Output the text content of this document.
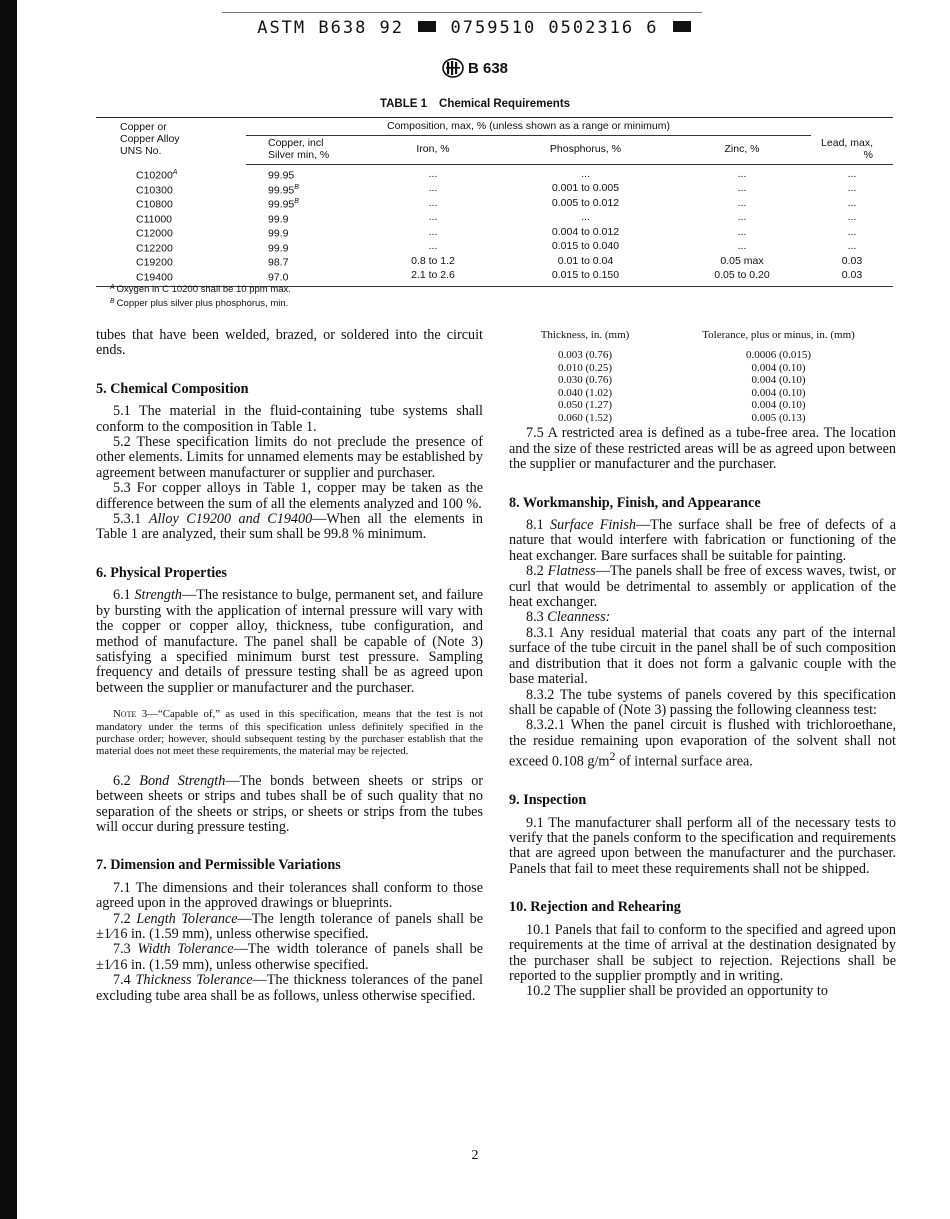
ASTM B638 92	0759510 0502316 6
B 638
TABLE 1 Chemical Requirements
Copper or
Copper Alloy
UNS No.	Composition, max, % (unless shown as a range or minimum)				
	Copper, incl
Silver min, %	Iron, %	Phosphorus, %	Zinc, %	Lead, max, %
C10200$^A$	99.95	...	...	...	...
C10300	99.95$^B$	...	0.001 to 0.005	...	...
C10800	99.95$^B$	...	0.005 to 0.012	...	...
C11000	99.9	...	...	...	...
C12000	99.9	...	0.004 to 0.012	...	...
C12200	99.9	...	0.015 to 0.040	...	...
C19200	98.7	0.8 to 1.2	0.01 to 0.04	0.05 max	0.03
C19400	97.0	2.1 to 2.6	0.015 to 0.150	0.05 to 0.20	0.03
$^A$ Oxygen in C 10200 shall be 10 ppm max.
$^B$ Copper plus silver plus phosphorus, min.

tubes that have been welded, brazed, or soldered into the circuit ends.

5. Chemical Composition

5.1 The material in the fluid-containing tube systems shall conform to the composition in Table 1.

5.2 These specification limits do not preclude the presence of other elements. Limits for unnamed elements may be established by agreement between manufacturer or supplier and purchaser.

5.3 For copper alloys in Table 1, copper may be taken as the difference between the sum of all the elements analyzed and 100 %.

5.3.1 Alloy C19200 and C19400—When all the elements in Table 1 are analyzed, their sum shall be 99.8 % minimum.

6. Physical Properties

6.1 Strength—The resistance to bulge, permanent set, and failure by bursting with the application of internal pressure will vary with the copper or copper alloy, thickness, tube configuration, and method of manufacture. The panel shall be capable of (Note 3) satisfying a specified minimum burst test pressure. Sampling frequency and details of pressure testing shall be as agreed upon between the supplier or manufacturer and the purchaser.

Note 3—“Capable of,” as used in this specification, means that the test is not mandatory under the terms of this specification unless definitely specified in the purchase order; however, should subsequent testing by the purchaser establish that the material does not meet these requirements, the material may be rejected.

6.2 Bond Strength—The bonds between sheets or strips or between sheets or strips and tubes shall be of such quality that no separation of the sheets or strips, or sheets or strips from the tubes will occur during pressure testing.

7. Dimension and Permissible Variations

7.1 The dimensions and their tolerances shall conform to those agreed upon in the approved drawings or blueprints.

7.2 Length Tolerance—The length tolerance of panels shall be ±1⁄16 in. (1.59 mm), unless otherwise specified.

7.3 Width Tolerance—The width tolerance of panels shall be ±1⁄16 in. (1.59 mm), unless otherwise specified.

7.4 Thickness Tolerance—The thickness tolerances of the panel excluding tube area shall be as follows, unless otherwise specified.

Thickness, in. (mm)	Tolerance, plus or minus, in. (mm)
0.003 (0.76)	0.0006 (0.015)
0.010 (0.25)	0.004 (0.10)
0.030 (0.76)	0.004 (0.10)
0.040 (1.02)	0.004 (0.10)
0.050 (1.27)	0.004 (0.10)
0.060 (1.52)	0.005 (0.13)

7.5 A restricted area is defined as a tube-free area. The location and the size of these restricted areas will be as agreed upon between the supplier or manufacturer and the purchaser.

8. Workmanship, Finish, and Appearance

8.1 Surface Finish—The surface shall be free of defects of a nature that would interfere with fabrication or functioning of the heat exchanger. Bare surfaces shall be suitable for painting.

8.2 Flatness—The panels shall be free of excess waves, twist, or curl that would be detrimental to assembly or application of the heat exchanger.

8.3 Cleanness:

8.3.1 Any residual material that coats any part of the internal surface of the tube circuit in the panel shall be of such composition and distribution that it does not form a galvanic couple with the base material.

8.3.2 The tube systems of panels covered by this specification shall be capable of (Note 3) passing the following cleanness test:

8.3.2.1 When the panel circuit is flushed with trichloroethane, the residue remaining upon evaporation of the solvent shall not exceed 0.108 $g/m^2$ of internal surface area.

9. Inspection

9.1 The manufacturer shall perform all of the necessary tests to verify that the panels conform to the specification and requirements that are agreed upon between the manufacturer and the purchaser. Panels that fail to meet these requirements shall not be shipped.

10. Rejection and Rehearing

10.1 Panels that fail to conform to the specified and agreed upon requirements at the time of arrival at the destination designated by the purchaser shall be subject to rejection. Rejections shall be reported to the supplier promptly and in writing.

10.2 The supplier shall be provided an opportunity to

2
